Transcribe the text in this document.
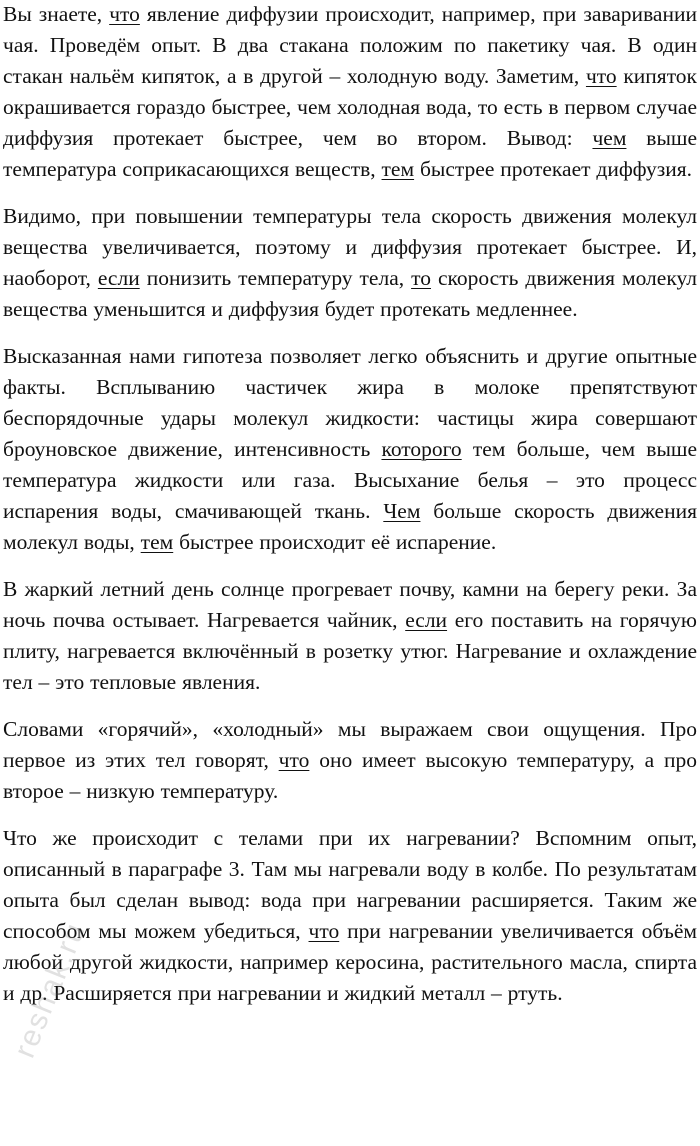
Вы знаете, что явление диффузии происходит, например, при заваривании чая. Проведём опыт. В два стакана положим по пакетику чая. В один стакан нальём кипяток, а в другой – холодную воду. Заметим, что кипяток окрашивается гораздо быстрее, чем холодная вода, то есть в первом случае диффузия протекает быстрее, чем во втором. Вывод: чем выше температура соприкасающихся веществ, тем быстрее протекает диффузия.

Видимо, при повышении температуры тела скорость движения молекул вещества увеличивается, поэтому и диффузия протекает быстрее. И, наоборот, если понизить температуру тела, то скорость движения молекул вещества уменьшится и диффузия будет протекать медленнее.

Высказанная нами гипотеза позволяет легко объяснить и другие опытные факты. Всплыванию частичек жира в молоке препятствуют беспорядочные удары молекул жидкости: частицы жира совершают броуновское движение, интенсивность которого тем больше, чем выше температура жидкости или газа. Высыхание белья – это процесс испарения воды, смачивающей ткань. Чем больше скорость движения молекул воды, тем быстрее происходит её испарение.

В жаркий летний день солнце прогревает почву, камни на берегу реки. За ночь почва остывает. Нагревается чайник, если его поставить на горячую плиту, нагревается включённый в розетку утюг. Нагревание и охлаждение тел – это тепловые явления.

Словами «горячий», «холодный» мы выражаем свои ощущения. Про первое из этих тел говорят, что оно имеет высокую температуру, а про второе – низкую температуру.

Что же происходит с телами при их нагревании? Вспомним опыт, описанный в параграфе 3. Там мы нагревали воду в колбе. По результатам опыта был сделан вывод: вода при нагревании расширяется. Таким же способом мы можем убедиться, что при нагревании увеличивается объём любой другой жидкости, например керосина, растительного масла, спирта и др. Расширяется при нагревании и жидкий металл – ртуть.

reshak.ru
